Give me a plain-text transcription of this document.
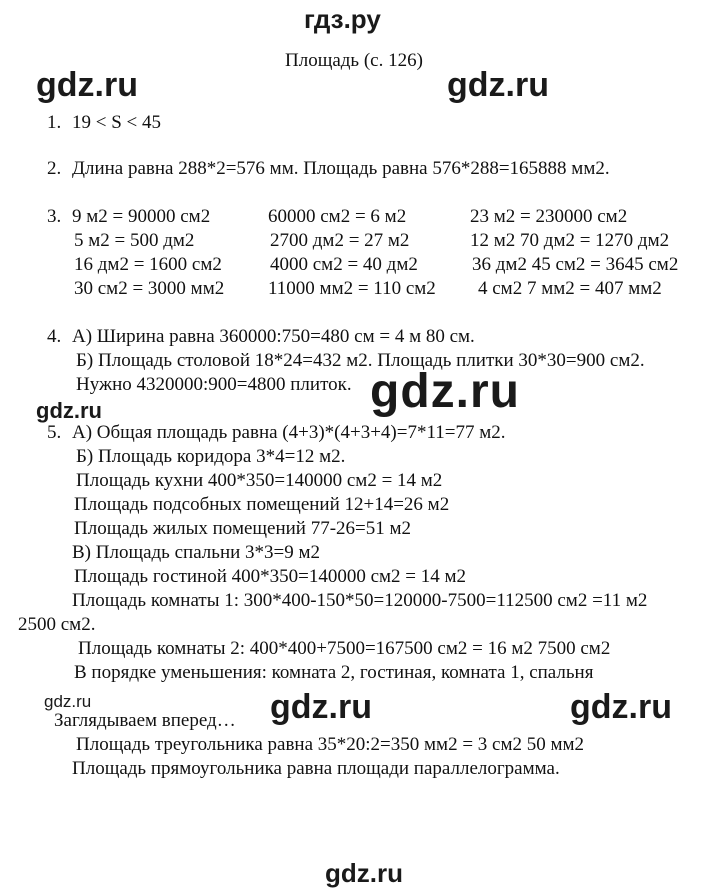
гдз.ру
gdz.ru	gdz.ru
gdz.ru
gdz.ru
gdz.ru	gdz.ru
gdz.ru
gdz.ru
Площадь (с. 126)
1. 19 < S < 45
2. Длина равна 288*2=576 мм. Площадь равна 576*288=165888 мм2.
3. 9 м2 = 90000 см2
5 м2 = 500 дм2
16 дм2 = 1600 см2
30 см2 = 3000 мм2
60000 см2 = 6 м2
2700 дм2 = 27 м2
4000 см2 = 40 дм2
11000 мм2 = 110 см2
23 м2 = 230000 см2
12 м2 70 дм2 = 1270 дм2
36 дм2 45 см2 = 3645 см2
4 см2 7 мм2 = 407 мм2
4. А) Ширина равна 360000:750=480 см = 4 м 80 см.
Б) Площадь столовой 18*24=432 м2. Площадь плитки 30*30=900 см2.
Нужно 4320000:900=4800 плиток.
5. А) Общая площадь равна (4+3)*(4+3+4)=7*11=77 м2.
Б) Площадь коридора 3*4=12 м2.
Площадь кухни 400*350=140000 см2 = 14 м2
Площадь подсобных помещений 12+14=26 м2
Площадь жилых помещений 77-26=51 м2
В) Площадь спальни 3*3=9 м2
Площадь гостиной 400*350=140000 см2 = 14 м2
Площадь комнаты 1: 300*400-150*50=120000-7500=112500 см2 =11 м2
2500 см2.
Площадь комнаты 2: 400*400+7500=167500 см2 = 16 м2 7500 см2
В порядке уменьшения: комната 2, гостиная, комната 1, спальня
Заглядываем вперед…
Площадь треугольника равна 35*20:2=350 мм2 = 3 см2 50 мм2
Площадь прямоугольника равна площади параллелограмма.
